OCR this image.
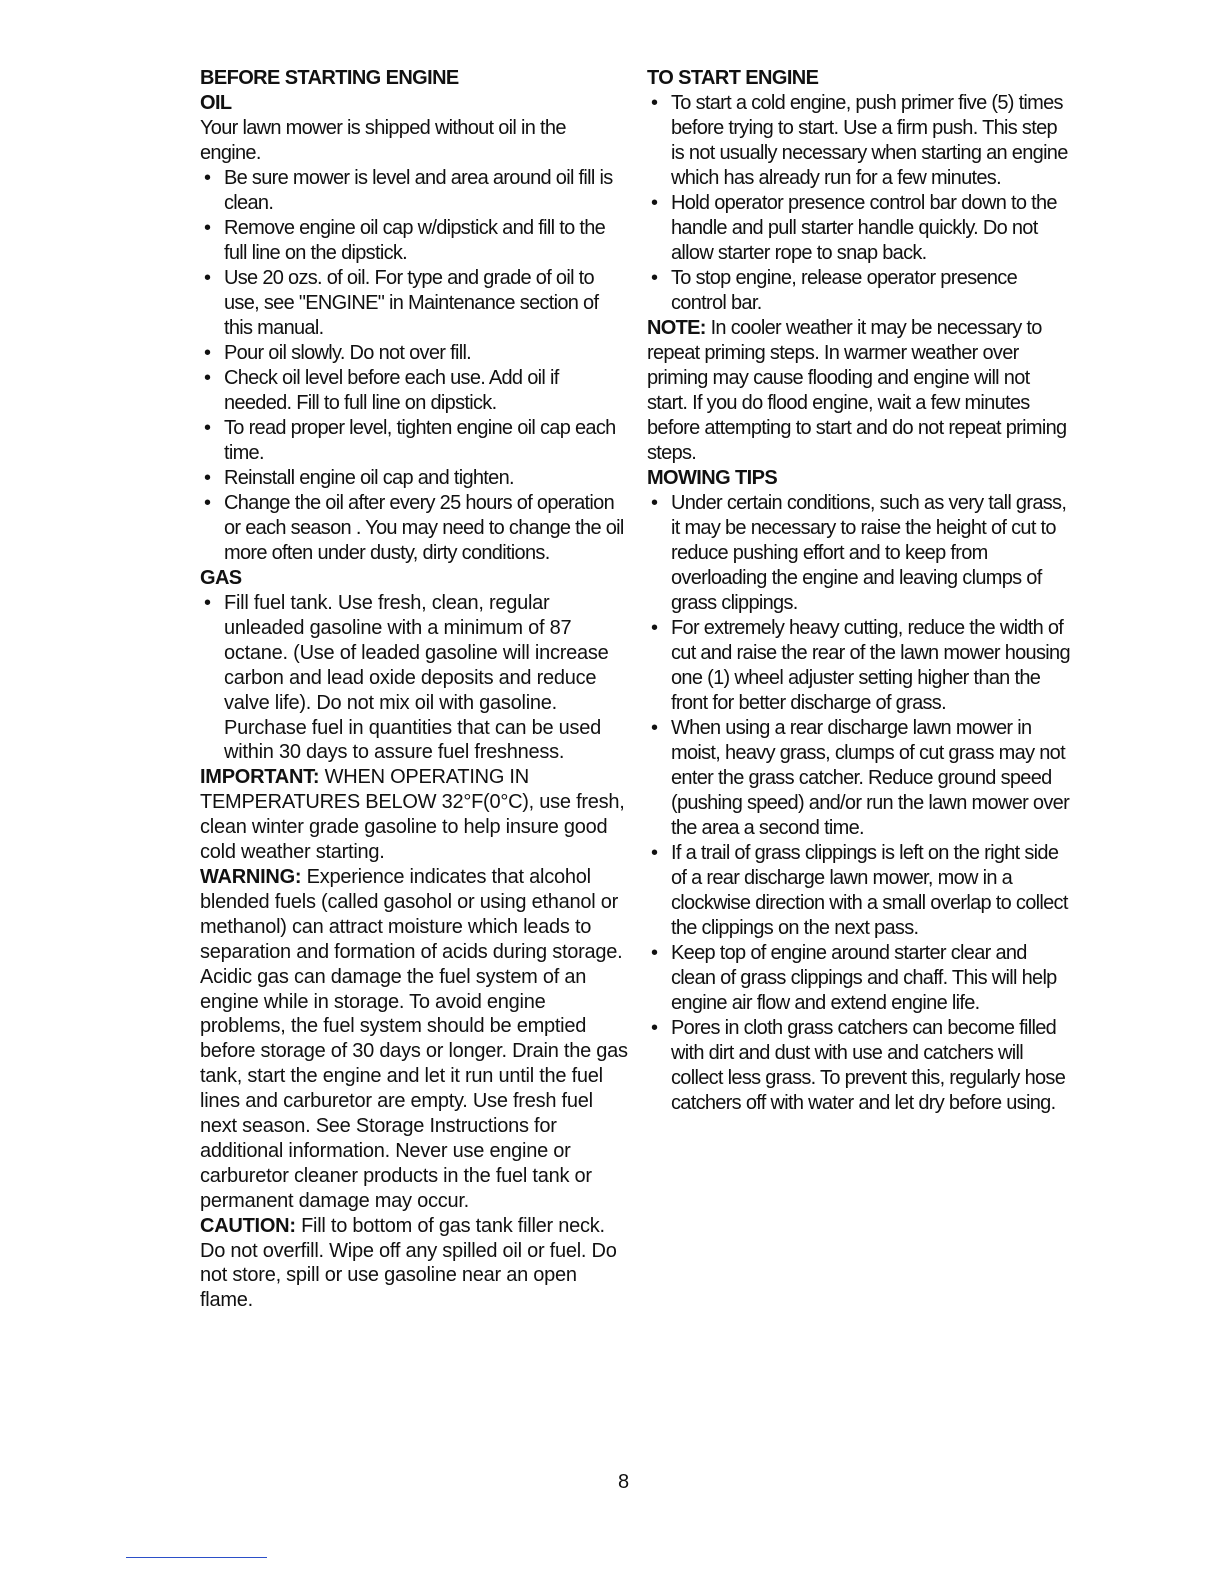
BEFORE STARTING ENGINE

OIL

Your lawn mower is shipped without oil in the engine.

• Be sure mower is level and area around oil fill is clean.
• Remove engine oil cap w/dipstick and fill to the full line on the dipstick.
• Use 20 ozs. of oil. For type and grade of oil to use, see "ENGINE" in Maintenance section of this manual.
• Pour oil slowly. Do not over fill.
• Check oil level before each use. Add oil if needed. Fill to full line on dipstick.
• To read proper level, tighten engine oil cap each time.
• Reinstall engine oil cap and tighten.
• Change the oil after every 25 hours of operation or each season . You may need to change the oil more often under dusty, dirty conditions.

GAS

• Fill fuel tank. Use fresh, clean, regular unleaded gasoline with a minimum of 87 octane. (Use of leaded gasoline will increase carbon and lead oxide deposits and reduce valve life). Do not mix oil with gasoline. Purchase fuel in quantities that can be used within 30 days to assure fuel freshness.

IMPORTANT: WHEN OPERATING IN TEMPERATURES BELOW 32°F(0°C), use fresh, clean winter grade gasoline to help insure good cold weather starting.

WARNING: Experience indicates that alcohol blended fuels (called gasohol or using ethanol or methanol) can attract moisture which leads to separation and formation of acids during storage. Acidic gas can damage the fuel system of an engine while in storage. To avoid engine problems, the fuel system should be emptied before storage of 30 days or longer. Drain the gas tank, start the engine and let it run until the fuel lines and carburetor are empty. Use fresh fuel next season. See Storage Instructions for additional information. Never use engine or carburetor cleaner products in the fuel tank or permanent damage may occur.

CAUTION: Fill to bottom of gas tank filler neck. Do not overfill. Wipe off any spilled oil or fuel. Do not store, spill or use gasoline near an open flame.

TO START ENGINE

• To start a cold engine, push primer five (5) times before trying to start. Use a firm push. This step is not usually necessary when starting an engine which has already run for a few minutes.
• Hold operator presence control bar down to the handle and pull starter handle quickly. Do not allow starter rope to snap back.
• To stop engine, release operator presence control bar.

NOTE: In cooler weather it may be necessary to repeat priming steps. In warmer weather over priming may cause flooding and engine will not start. If you do flood engine, wait a few minutes before attempting to start and do not repeat priming steps.

MOWING TIPS

• Under certain conditions, such as very tall grass, it may be necessary to raise the height of cut to reduce pushing effort and to keep from overloading the engine and leaving clumps of grass clippings.
• For extremely heavy cutting, reduce the width of cut and raise the rear of the lawn mower housing one (1) wheel adjuster setting higher than the front for better discharge of grass.
• When using a rear discharge lawn mower in moist, heavy grass, clumps of cut grass may not enter the grass catcher. Reduce ground speed (pushing speed) and/or run the lawn mower over the area a second time.
• If a trail of grass clippings is left on the right side of a rear discharge lawn mower, mow in a clockwise direction with a small overlap to collect the clippings on the next pass.
• Keep top of engine around starter clear and clean of grass clippings and chaff. This will help engine air flow and extend engine life.
• Pores in cloth grass catchers can become filled with dirt and dust with use and catchers will collect less grass. To prevent this, regularly hose catchers off with water and let dry before using.
8
